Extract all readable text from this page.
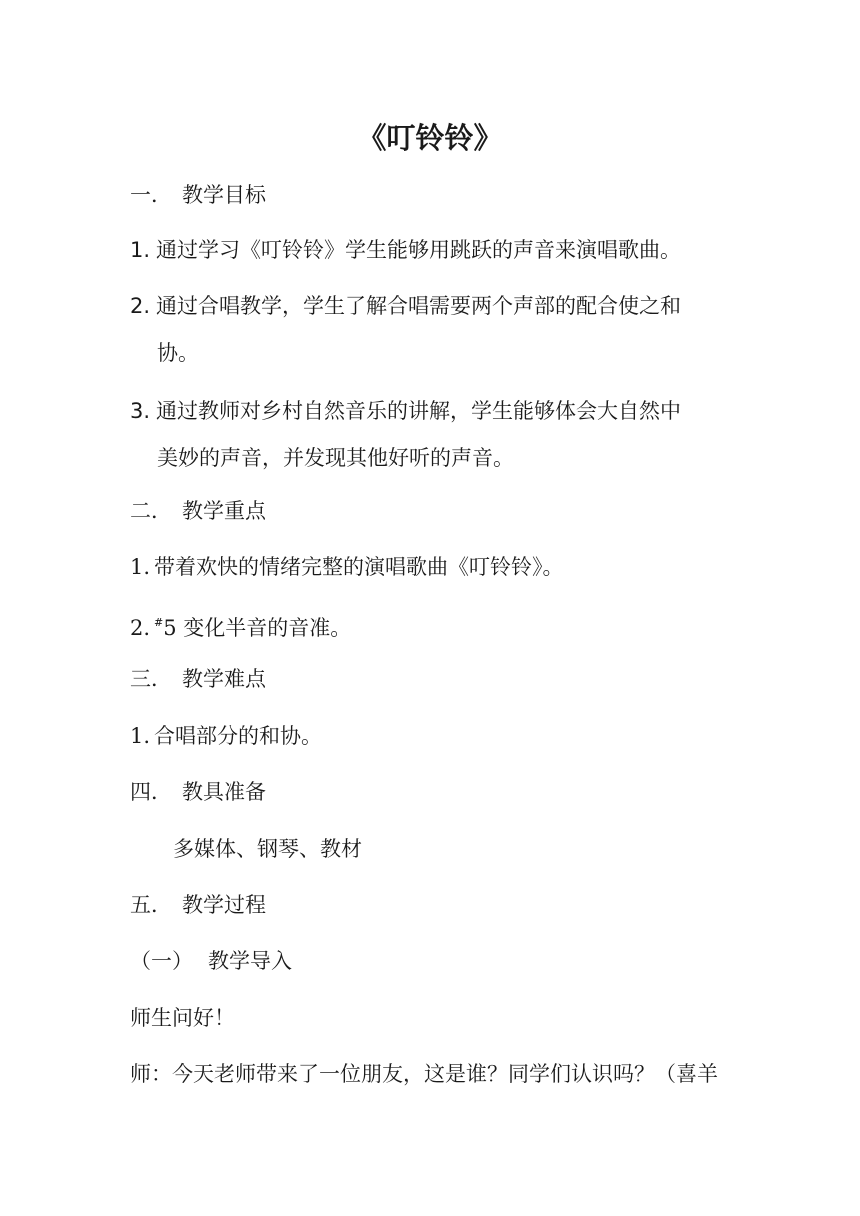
《叮铃铃》
一． 教学目标
1. 通过学习《叮铃铃》学生能够用跳跃的声音来演唱歌曲。
2. 通过合唱教学，学生了解合唱需要两个声部的配合使之和
协。
3. 通过教师对乡村自然音乐的讲解，学生能够体会大自然中
美妙的声音，并发现其他好听的声音。
二． 教学重点
1. 带着欢快的情绪完整的演唱歌曲《叮铃铃》。
2. #5 变化半音的音准。
三． 教学难点
1. 合唱部分的和协。
四． 教具准备
多媒体、钢琴、教材
五． 教学过程
（一） 教学导入
师生问好！
师：今天老师带来了一位朋友，这是谁？同学们认识吗？（喜羊
